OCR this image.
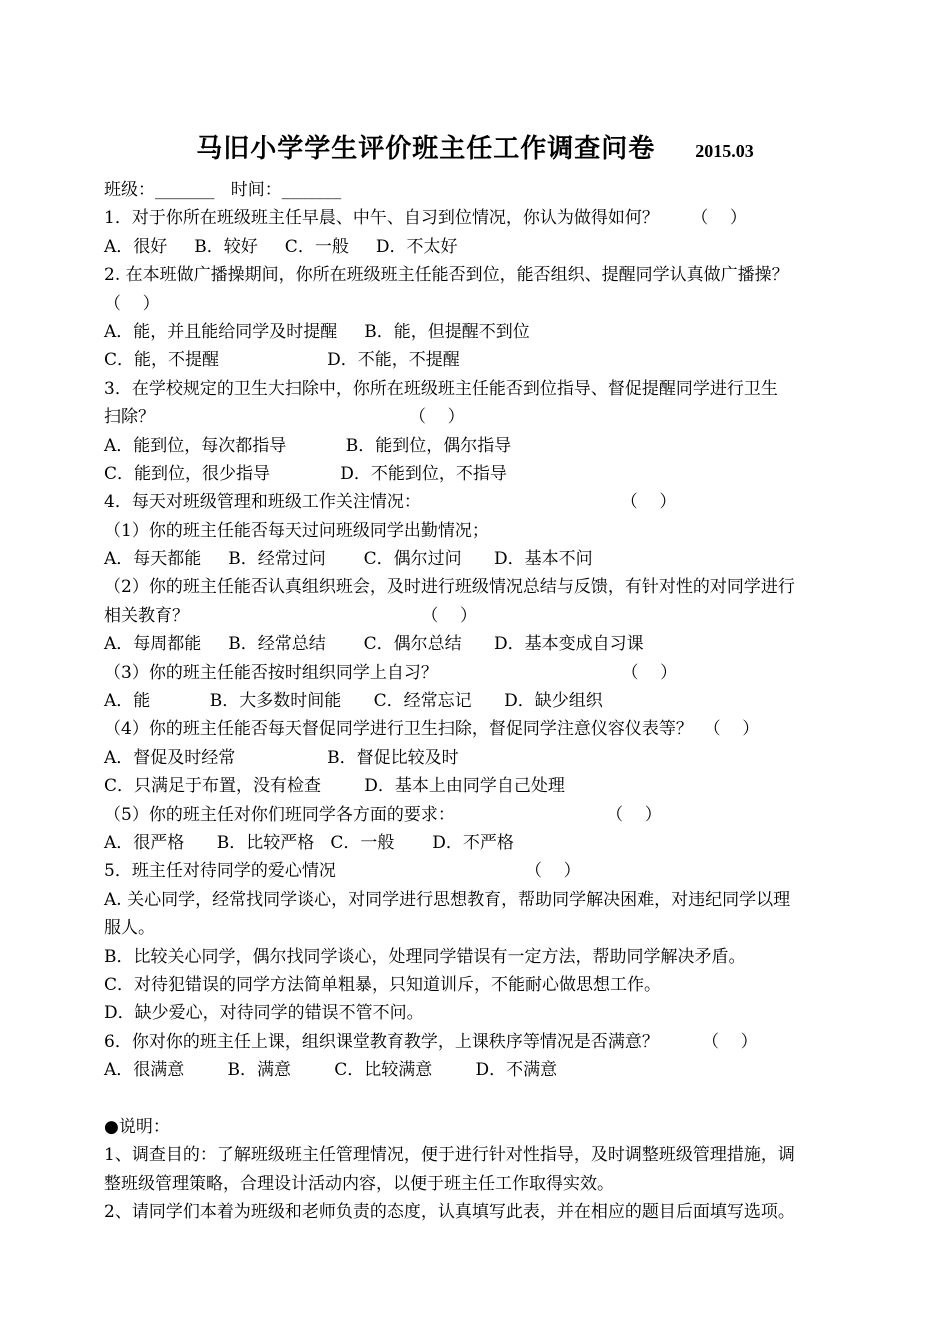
马旧小学学生评价班主任工作调查问卷 2015.03
班级：_______   时间：_______
1．对于你所在班级班主任早晨、中午、自习到位情况，你认为做得如何？      （    ）
A．很好     B．较好     C．一般     D．不太好
2. 在本班做广播操期间，你所在班级班主任能否到位，能否组织、提醒同学认真做广播操？
（    ）
A．能，并且能给同学及时提醒     B．能，但提醒不到位
C．能，不提醒                    D．不能，不提醒
3．在学校规定的卫生大扫除中，你所在班级班主任能否到位指导、督促提醒同学进行卫生
扫除？                                               （    ）
A．能到位，每次都指导           B．能到位，偶尔指导
C．能到位，很少指导             D．不能到位，不指导
4．每天对班级管理和班级工作关注情况：                                     （    ）
（1）你的班主任能否每天过问班级同学出勤情况；
A．每天都能     B．经常过问       C．偶尔过问      D．基本不问
（2）你的班主任能否认真组织班会，及时进行班级情况总结与反馈，有针对性的对同学进行
相关教育？                                           （    ）
A．每周都能     B．经常总结       C．偶尔总结      D．基本变成自习课
（3）你的班主任能否按时组织同学上自习？                                  （    ）
A．能           B．大多数时间能      C．经常忘记      D．缺少组织
（4）你的班主任能否每天督促同学进行卫生扫除，督促同学注意仪容仪表等？  （    ）
A．督促及时经常                 B．督促比较及时
C．只满足于布置，没有检查        D．基本上由同学自己处理
（5）你的班主任对你们班同学各方面的要求：                            （    ）
A．很严格      B．比较严格   C．一般       D．不严格
5．班主任对待同学的爱心情况                                   （    ）
A. 关心同学，经常找同学谈心，对同学进行思想教育，帮助同学解决困难，对违纪同学以理
服人。
B．比较关心同学，偶尔找同学谈心，处理同学错误有一定方法，帮助同学解决矛盾。
C．对待犯错误的同学方法简单粗暴，只知道训斥，不能耐心做思想工作。
D．缺少爱心，对待同学的错误不管不问。
6．你对你的班主任上课，组织课堂教育教学，上课秩序等情况是否满意？        （    ）
A．很满意        B．满意        C．比较满意        D．不满意
●说明：
1、调查目的：了解班级班主任管理情况，便于进行针对性指导，及时调整班级管理措施，调
整班级管理策略，合理设计活动内容，以便于班主任工作取得实效。
2、请同学们本着为班级和老师负责的态度，认真填写此表，并在相应的题目后面填写选项。
